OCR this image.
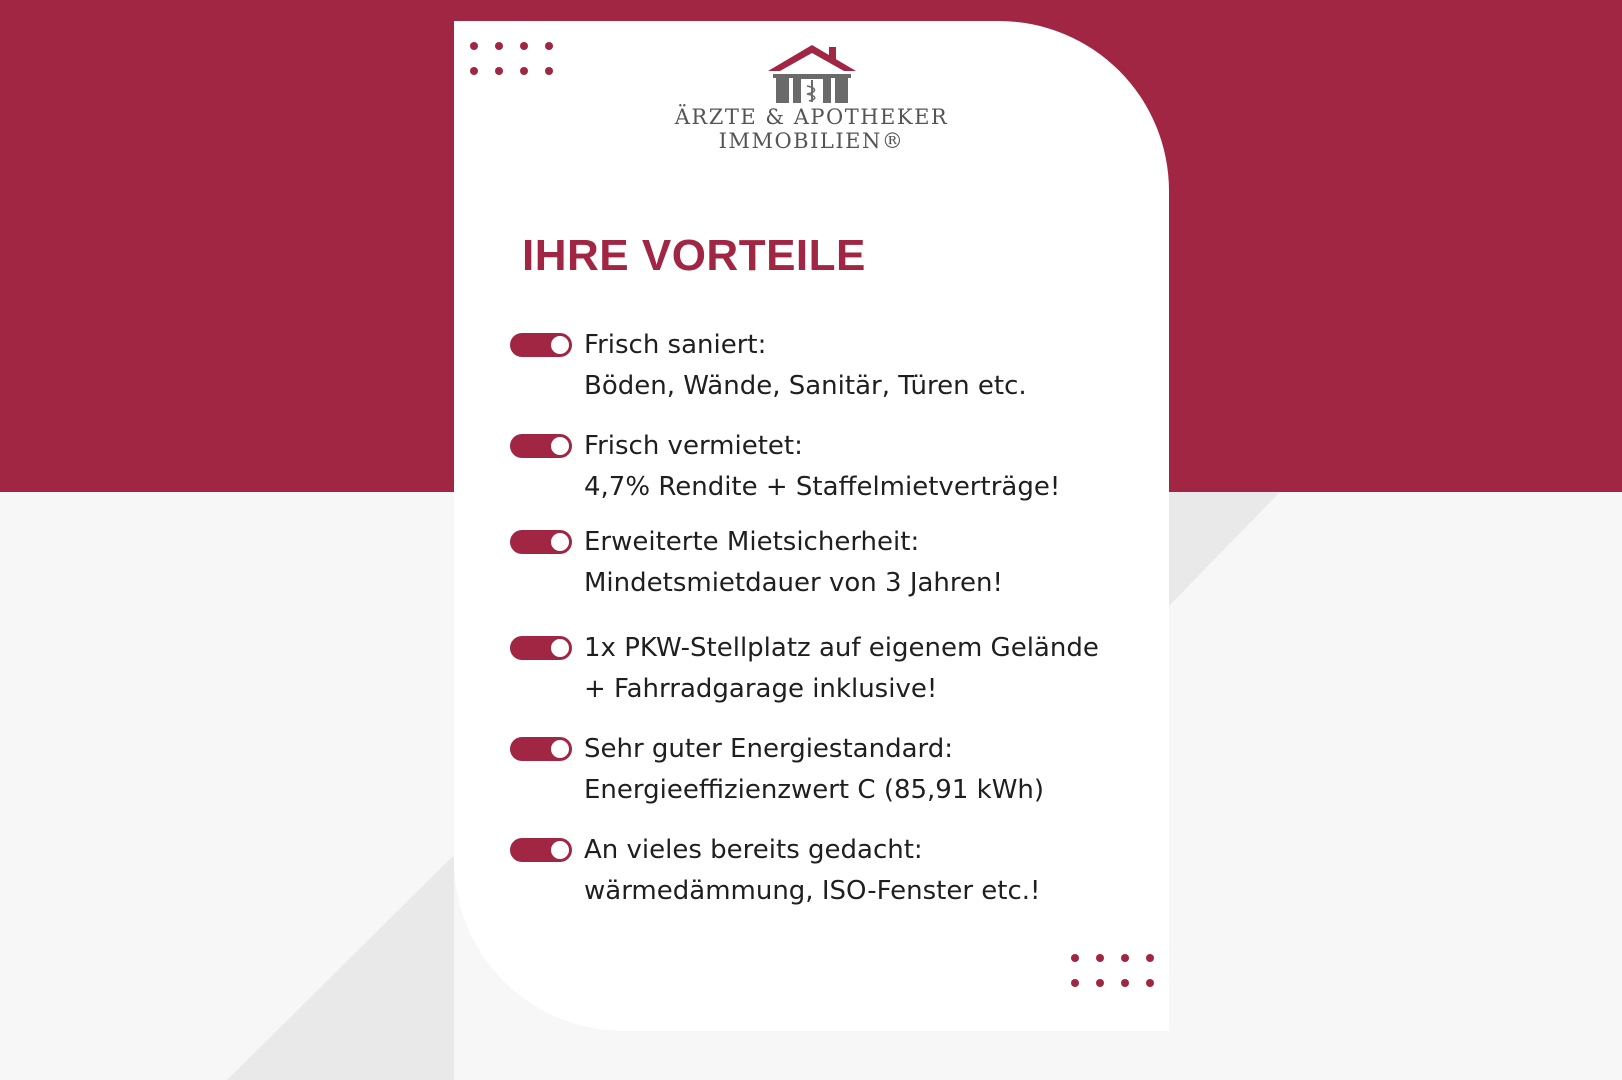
ÄRZTE & APOTHEKER
IMMOBILIEN®
IHRE VORTEILE
Frisch saniert:
Böden, Wände, Sanitär, Türen etc.
Frisch vermietet:
4,7% Rendite + Staffelmietverträge!
Erweiterte Mietsicherheit:
Mindetsmietdauer von 3 Jahren!
1x PKW-Stellplatz auf eigenem Gelände
+ Fahrradgarage inklusive!
Sehr guter Energiestandard:
Energieeffizienzwert C (85,91 kWh)
An vieles bereits gedacht:
wärmedämmung, ISO-Fenster etc.!
